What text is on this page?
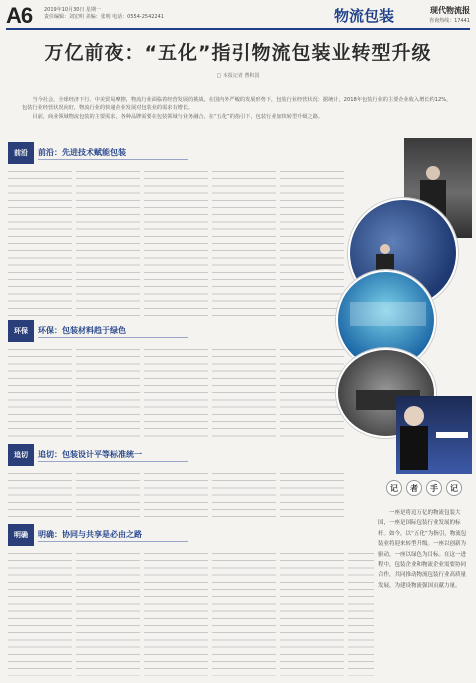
A6 2019年10月30日 星期一
责任编辑：刘宏明 美编：张明 电话：0554-2542241	物流包装	现代物流报
咨询热线：17441
万亿前夜：“五化”指引物流包装业转型升级
□ 本报记者 曹积国

当今社会，全球经济下行、中美贸易摩擦，物流行业面临着经营发展的挑战。在国内外严峻的发展形势下，包装行业经营状况：据统计，2018年包装行业的主要企业收入增长约12%，包装行业经营状况向好，物流行业的快递企业发展对包装业的需求有增长。

目前，商业领域物流包装的主要需求，各种品牌需要在包装领域与业务融合，在“五化”的指引下，包装行业加快转型升级之路。

前沿	前沿：先进技术赋能包装
环保	环保：包装材料趋于绿色
追切	追切：包装设计平等标准统一
明确	明确：协同与共享是必由之路
记	者	手	记

一座是将迈万亿的物流包装大国，一座是国际包装行业发展的标杆。如今，以“五化”为指引，物流包装业将迎来转型升级。一座以创新为驱动，一座以绿色为目标。在这一进程中，包装企业和物流企业需要协同合作，共同推动物流包装行业高质量发展，为建设物流强国贡献力量。
